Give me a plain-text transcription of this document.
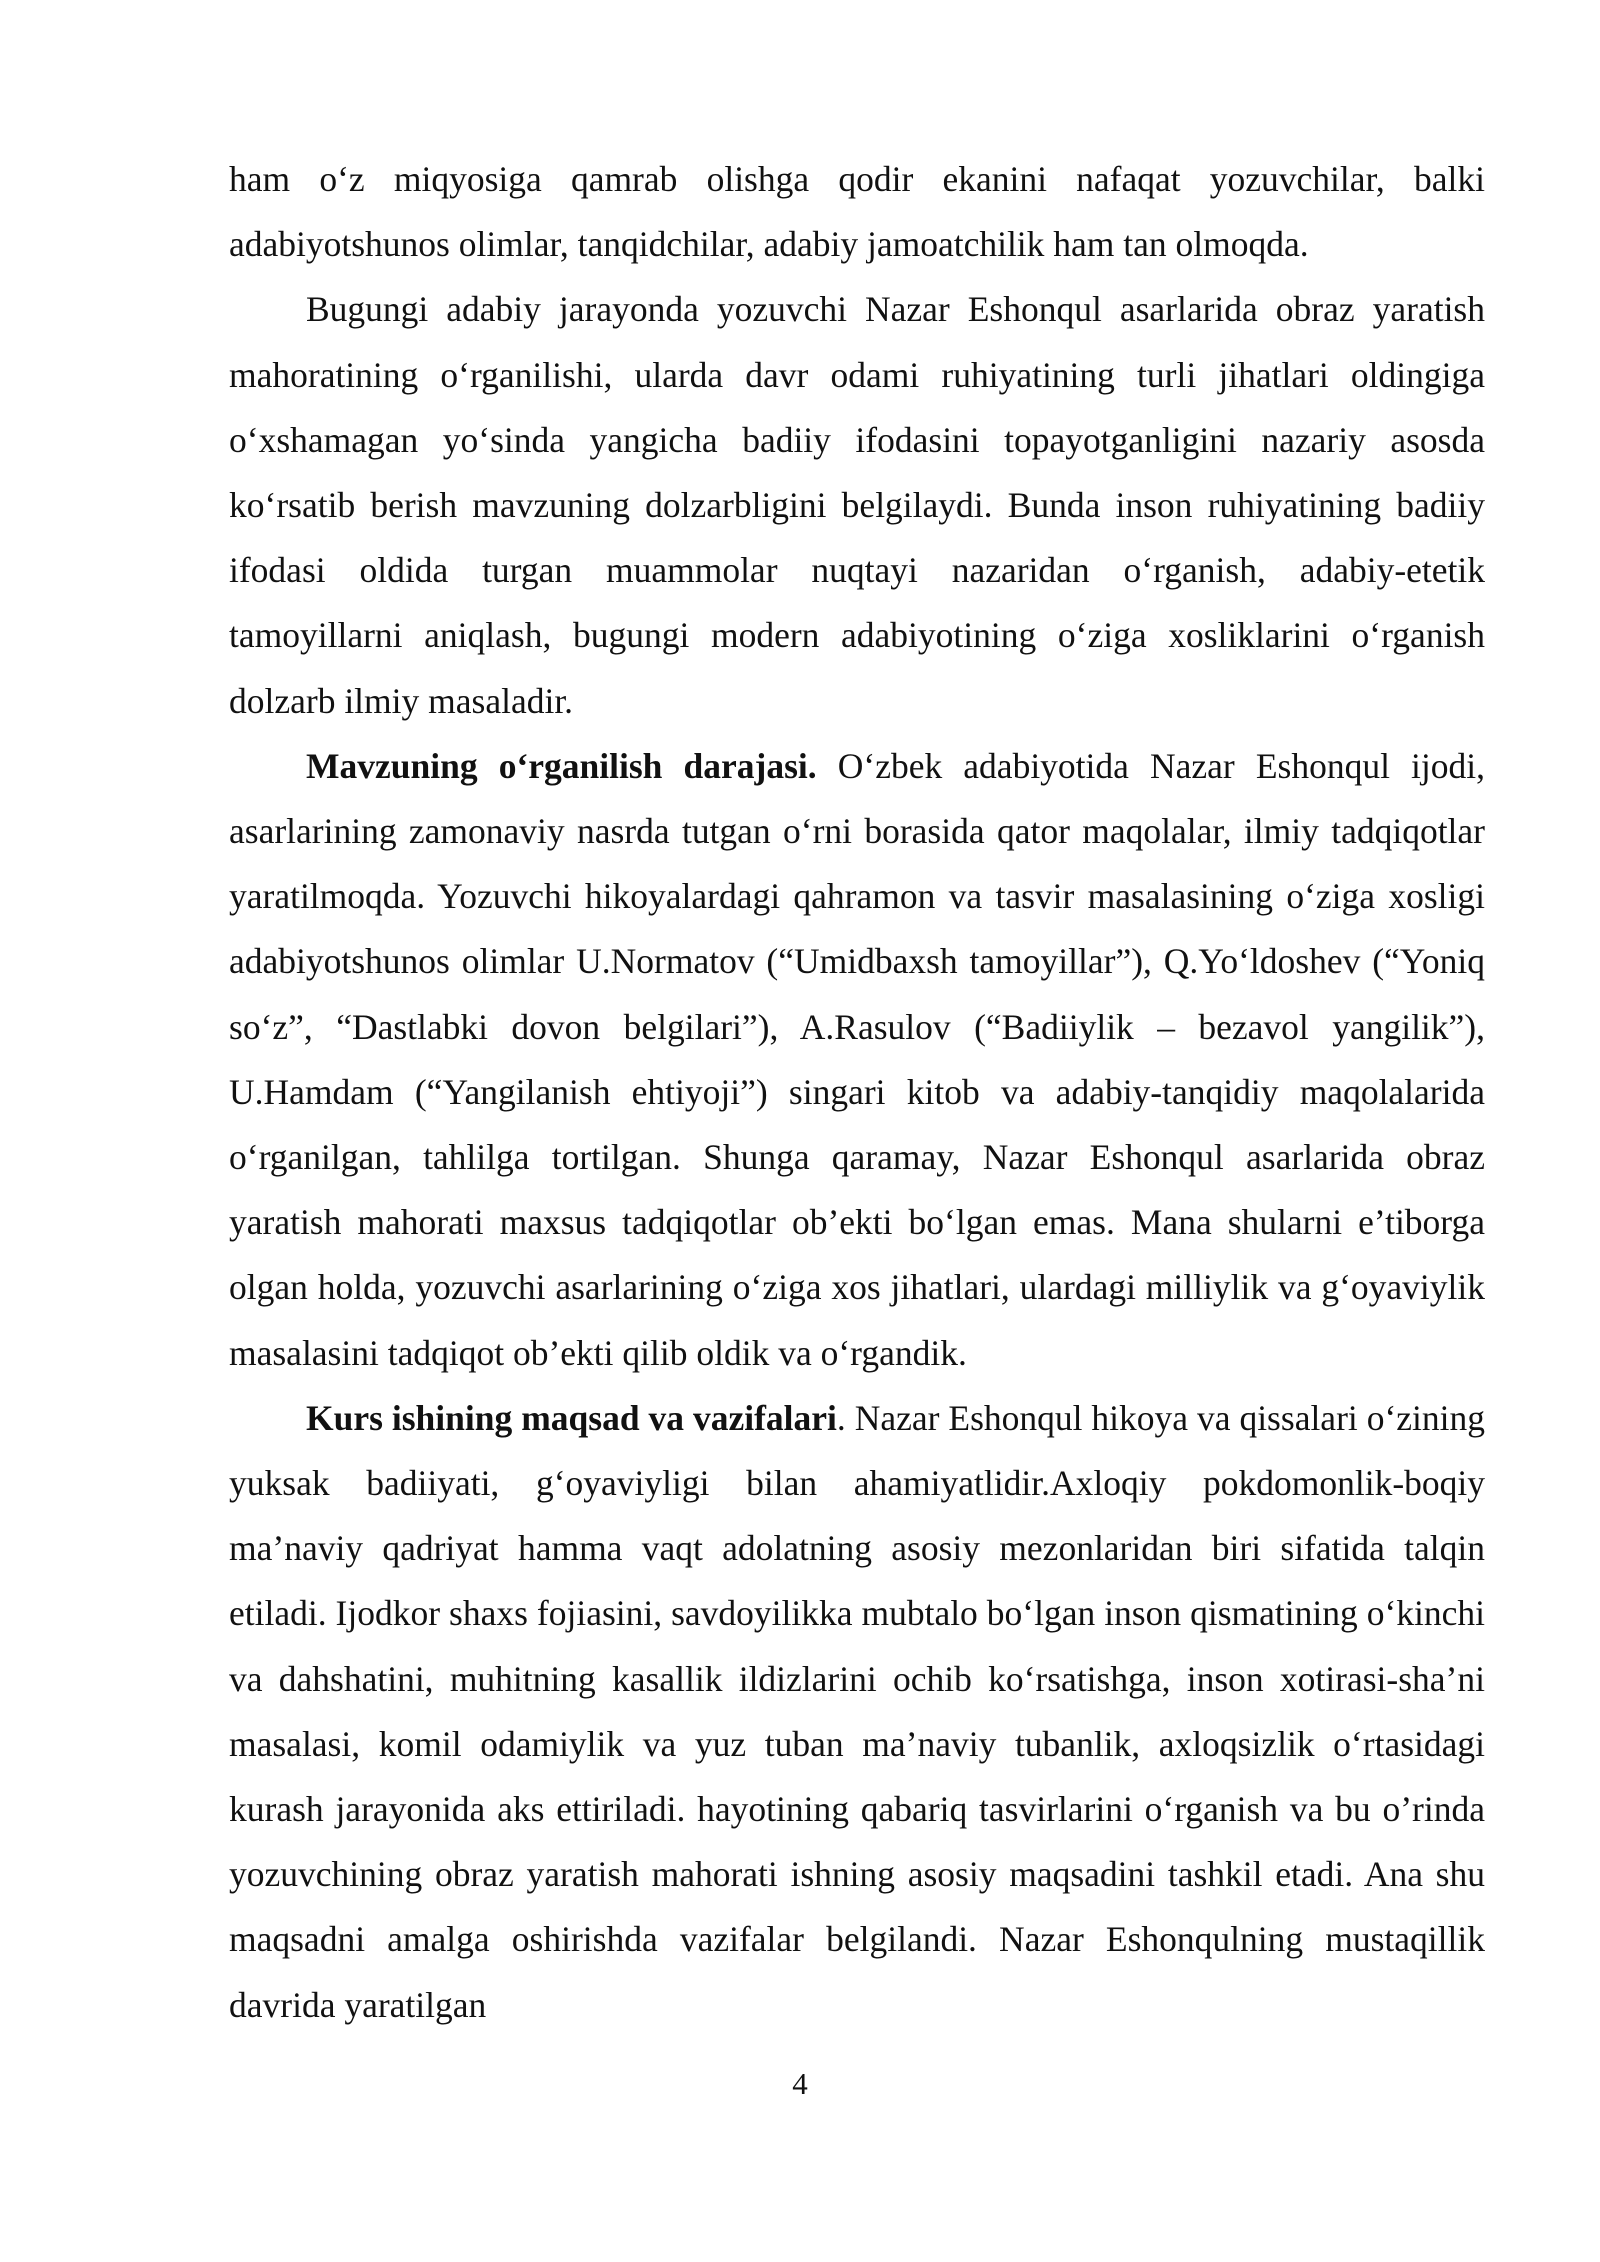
ham o‘z miqyosiga qamrab olishga qodir ekanini nafaqat yozuvchilar, balki adabiyotshunos olimlar, tanqidchilar, adabiy jamoatchilik ham tan olmoqda.

Bugungi adabiy jarayonda yozuvchi Nazar Eshonqul asarlarida obraz yaratish mahoratining o‘rganilishi, ularda davr odami ruhiyatining turli jihatlari oldingiga o‘xshamagan yo‘sinda yangicha badiiy ifodasini topayotganligini nazariy asosda ko‘rsatib berish mavzuning dolzarbligini belgilaydi. Bunda inson ruhiyatining badiiy ifodasi oldida turgan muammolar nuqtayi nazaridan o‘rganish, adabiy-etetik tamoyillarni aniqlash, bugungi modern adabiyotining o‘ziga xosliklarini o‘rganish dolzarb ilmiy masaladir.

Mavzuning o‘rganilish darajasi. O‘zbek adabiyotida Nazar Eshonqul ijodi, asarlarining zamonaviy nasrda tutgan o‘rni borasida qator maqolalar, ilmiy tadqiqotlar yaratilmoqda. Yozuvchi hikoyalardagi qahramon va tasvir masalasining o‘ziga xosligi adabiyotshunos olimlar U.Normatov (“Umidbaxsh tamoyillar”), Q.Yo‘ldoshev (“Yoniq so‘z”, “Dastlabki dovon belgilari”), A.Rasulov (“Badiiylik – bezavol yangilik”), U.Hamdam (“Yangilanish ehtiyoji”) singari kitob va adabiy-tanqidiy maqolalarida o‘rganilgan, tahlilga tortilgan. Shunga qaramay, Nazar Eshonqul asarlarida obraz yaratish mahorati maxsus tadqiqotlar ob’ekti bo‘lgan emas. Mana shularni e’tiborga olgan holda, yozuvchi asarlarining o‘ziga xos jihatlari, ulardagi milliylik va g‘oyaviylik masalasini tadqiqot ob’ekti qilib oldik va o‘rgandik.

Kurs ishining maqsad va vazifalari. Nazar Eshonqul hikoya va qissalari o‘zining yuksak badiiyati, g‘oyaviyligi bilan ahamiyatlidir.Axloqiy pokdomonlik-boqiy ma’naviy qadriyat hamma vaqt adolatning asosiy mezonlaridan biri sifatida talqin etiladi. Ijodkor shaxs fojiasini, savdoyilikka mubtalo bo‘lgan inson qismatining o‘kinchi va dahshatini, muhitning kasallik ildizlarini ochib ko‘rsatishga, inson xotirasi-sha’ni masalasi, komil odamiylik va yuz tuban ma’naviy tubanlik, axloqsizlik o‘rtasidagi kurash jarayonida aks ettiriladi. hayotining qabariq tasvirlarini o‘rganish va bu o’rinda yozuvchining obraz yaratish mahorati ishning asosiy maqsadini tashkil etadi. Ana shu maqsadni amalga oshirishda vazifalar belgilandi. Nazar Eshonqulning mustaqillik davrida yaratilgan

4
